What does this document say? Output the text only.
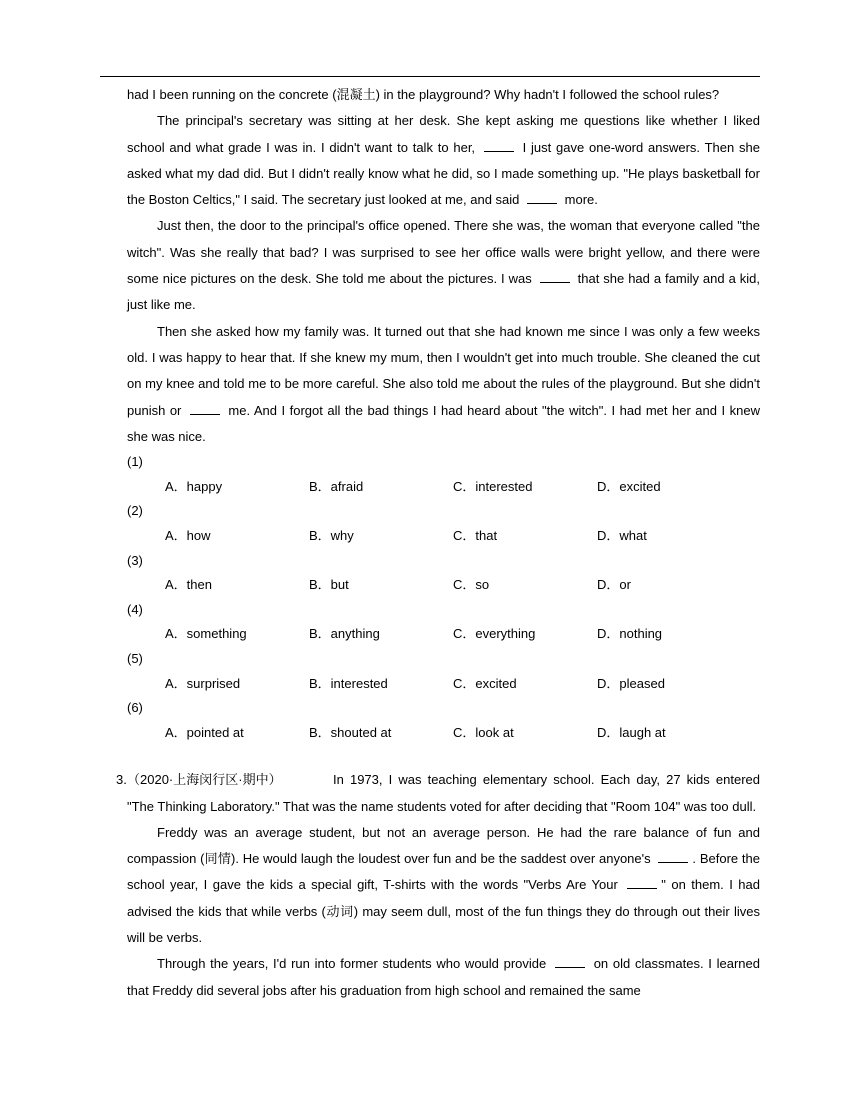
had I been running on the concrete (混凝土) in the playground? Why hadn't I followed the school rules?

The principal's secretary was sitting at her desk. She kept asking me questions like whether I liked school and what grade I was in. I didn't want to talk to her,	I just gave one-word answers. Then she asked what my dad did. But I didn't really know what he did, so I made something up. "He plays basketball for the Boston Celtics," I said. The secretary just looked at me, and said	more.

Just then, the door to the principal's office opened. There she was, the woman that everyone called "the witch". Was she really that bad? I was surprised to see her office walls were bright yellow, and there were some nice pictures on the desk. She told me about the pictures. I was	that she had a family and a kid, just like me.

Then she asked how my family was. It turned out that she had known me since I was only a few weeks old. I was happy to hear that. If she knew my mum, then I wouldn't get into much trouble. She cleaned the cut on my knee and told me to be more careful. She also told me about the rules of the playground. But she didn't punish or	me. And I forgot all the bad things I had heard about "the witch". I had met her and I knew she was nice.

(1)
A．happy	B．afraid	C．interested	D．excited
(2)
A．how	B．why	C．that	D．what
(3)
A．then	B．but	C．so	D．or
(4)
A．something	B．anything	C．everything	D．nothing
(5)
A．surprised	B．interested	C．excited	D．pleased
(6)
A．pointed at	B．shouted at	C．look at	D．laugh at
3. （2020·上海闵行区·期中）	In 1973, I was teaching elementary school. Each day, 27 kids entered "The Thinking Laboratory." That was the name students voted for after deciding that "Room 104" was too dull.

Freddy was an average student, but not an average person. He had the rare balance of fun and compassion (同情). He would laugh the loudest over fun and be the saddest over anyone's	. Before the school year, I gave the kids a special gift, T-shirts with the words "Verbs Are Your	" on them. I had advised the kids that while verbs (动词) may seem dull, most of the fun things they do through out their lives will be verbs.

Through the years, I'd run into former students who would provide	on old classmates. I learned that Freddy did several jobs after his graduation from high school and remained the same
